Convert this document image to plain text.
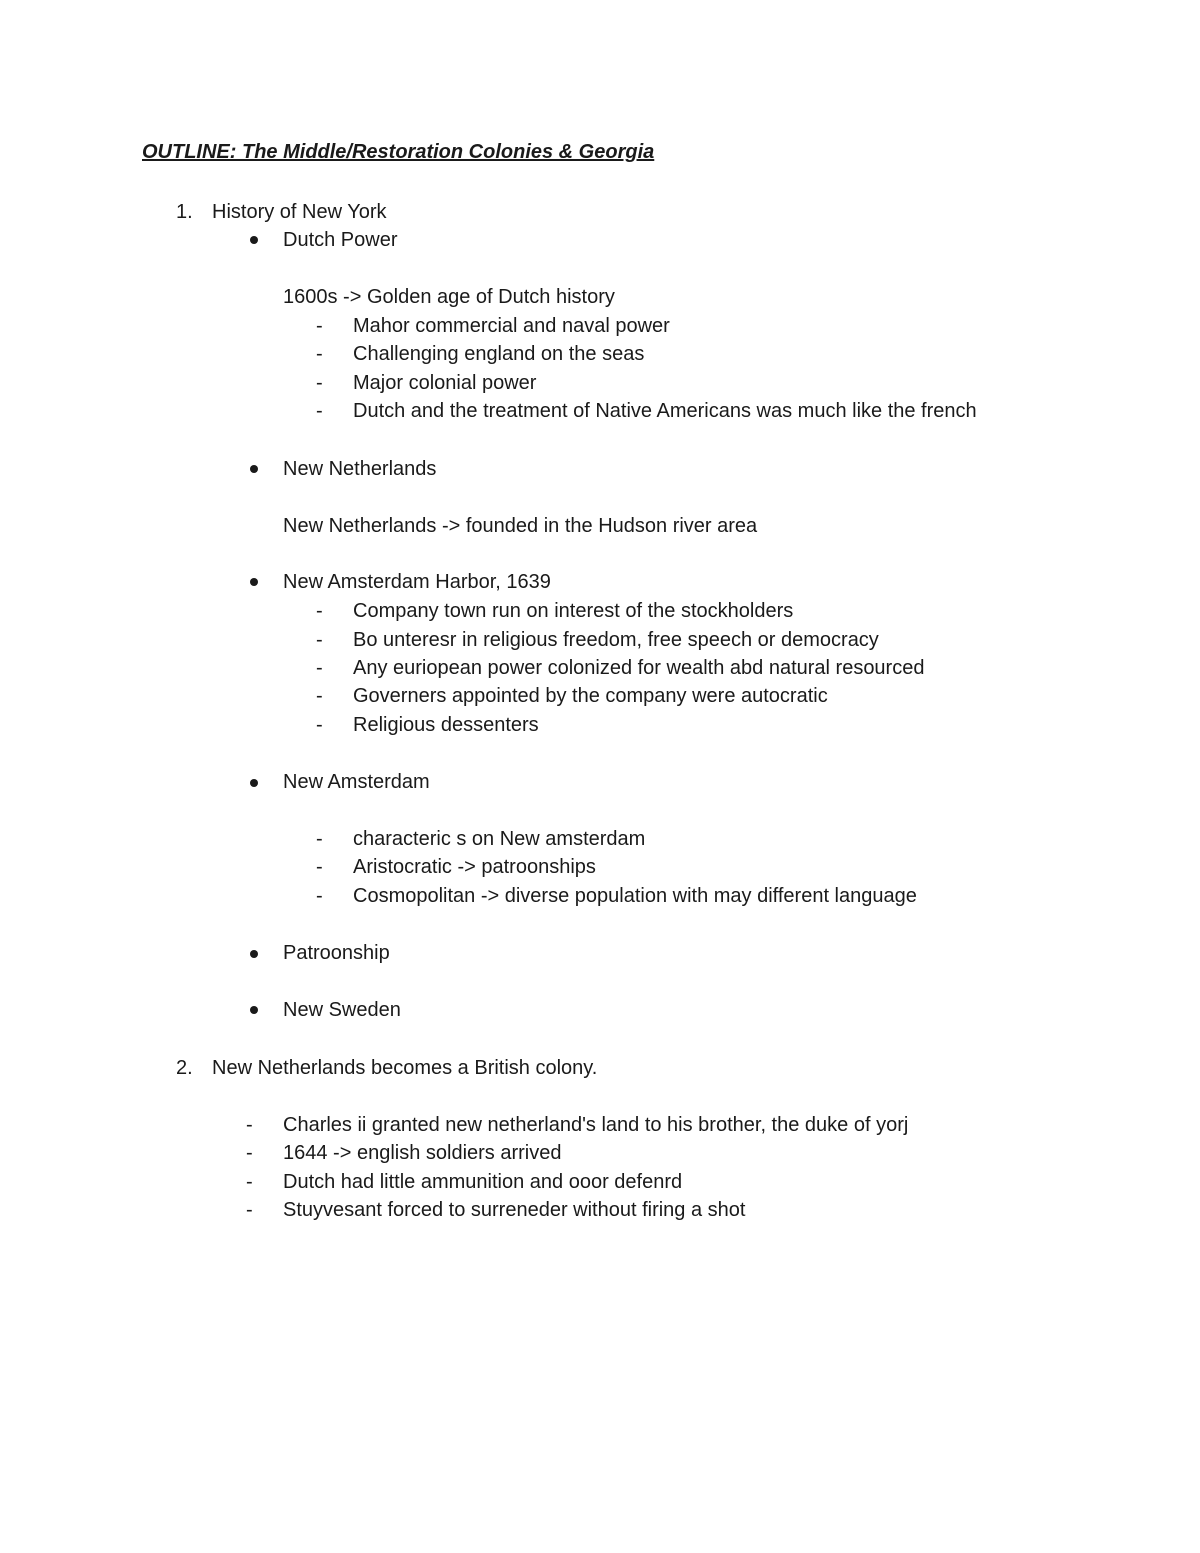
OUTLINE: The Middle/Restoration Colonies & Georgia
1. History of New York
Dutch Power
1600s -> Golden age of Dutch history
- Mahor commercial and naval power
- Challenging england on the seas
- Major colonial power
- Dutch and the treatment of Native Americans was much like the french
New Netherlands
New Netherlands -> founded in the Hudson river area
New Amsterdam Harbor, 1639
- Company town run on interest of the stockholders
- Bo unteresr in religious freedom, free speech or democracy
- Any euriopean power colonized for wealth abd natural resourced
- Governers appointed by the company were autocratic
- Religious dessenters
New Amsterdam
- characteric s on New amsterdam
- Aristocratic -> patroonships
- Cosmopolitan -> diverse population with may different language
Patroonship
New Sweden
2. New Netherlands becomes a British colony.
- Charles ii granted new netherland's land to his brother, the duke of yorj
- 1644 -> english soldiers arrived
- Dutch had little ammunition and ooor defenrd
- Stuyvesant forced to surreneder without firing a shot
